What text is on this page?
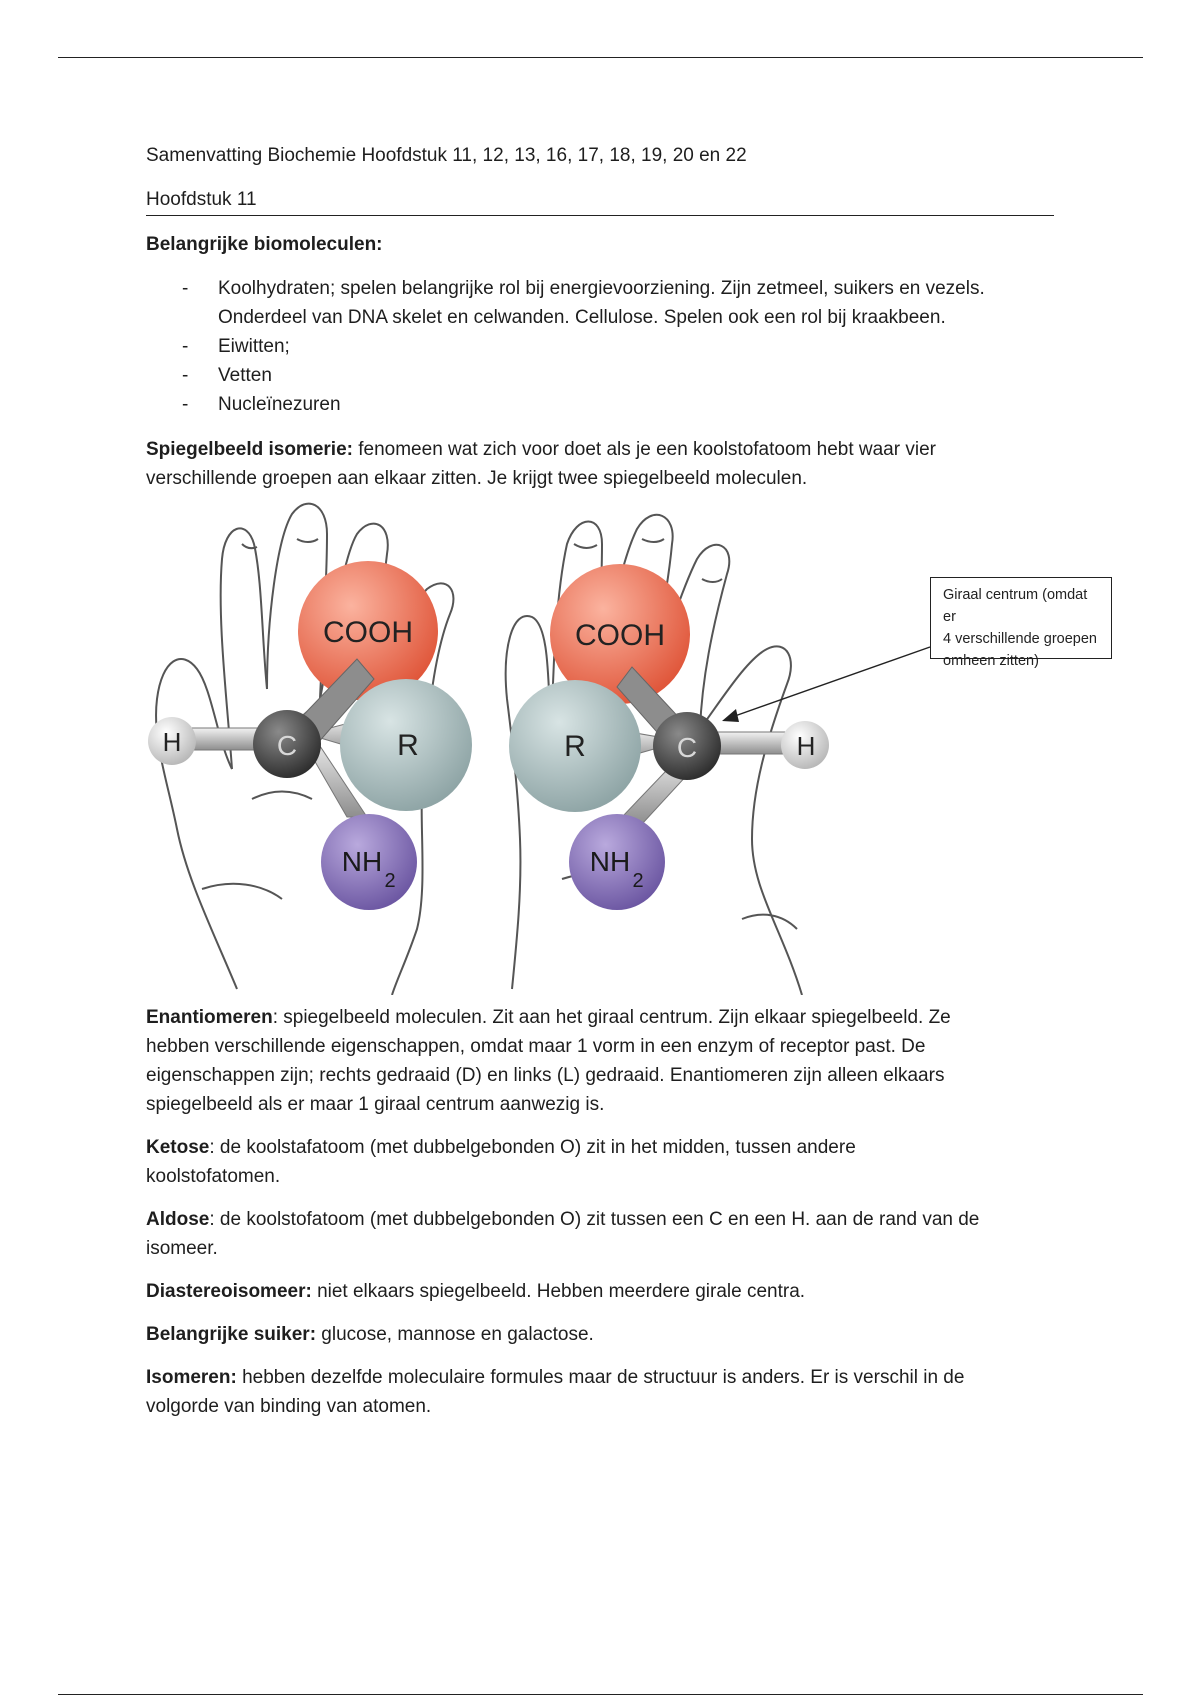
Samenvatting Biochemie Hoofdstuk 11, 12, 13, 16, 17, 18, 19, 20 en 22

Hoofdstuk 11
Belangrijke biomoleculen:
- Koolhydraten; spelen belangrijke rol bij energievoorziening. Zijn zetmeel, suikers en vezels.
Onderdeel van DNA skelet en celwanden. Cellulose. Spelen ook een rol bij kraakbeen.
- Eiwitten;
- Vetten
- Nucleïnezuren

Spiegelbeeld isomerie: fenomeen wat zich voor doet als je een koolstofatoom hebt waar vier
verschillende groepen aan elkaar zitten. Je krijgt twee spiegelbeeld moleculen.

COOH
R
C
H
NH
2
COOH
R	C	H
NH
2
Giraal centrum (omdat er
4 verschillende groepen
omheen zitten)

Enantiomeren: spiegelbeeld moleculen. Zit aan het giraal centrum. Zijn elkaar spiegelbeeld. Ze
hebben verschillende eigenschappen, omdat maar 1 vorm in een enzym of receptor past. De
eigenschappen zijn; rechts gedraaid (D) en links (L) gedraaid. Enantiomeren zijn alleen elkaars
spiegelbeeld als er maar 1 giraal centrum aanwezig is.

Ketose: de koolstafatoom (met dubbelgebonden O) zit in het midden, tussen andere
koolstofatomen.

Aldose: de koolstofatoom (met dubbelgebonden O) zit tussen een C en een H. aan de rand van de
isomeer.

Diastereoisomeer: niet elkaars spiegelbeeld. Hebben meerdere girale centra.

Belangrijke suiker: glucose, mannose en galactose.

Isomeren: hebben dezelfde moleculaire formules maar de structuur is anders. Er is verschil in de
volgorde van binding van atomen.
